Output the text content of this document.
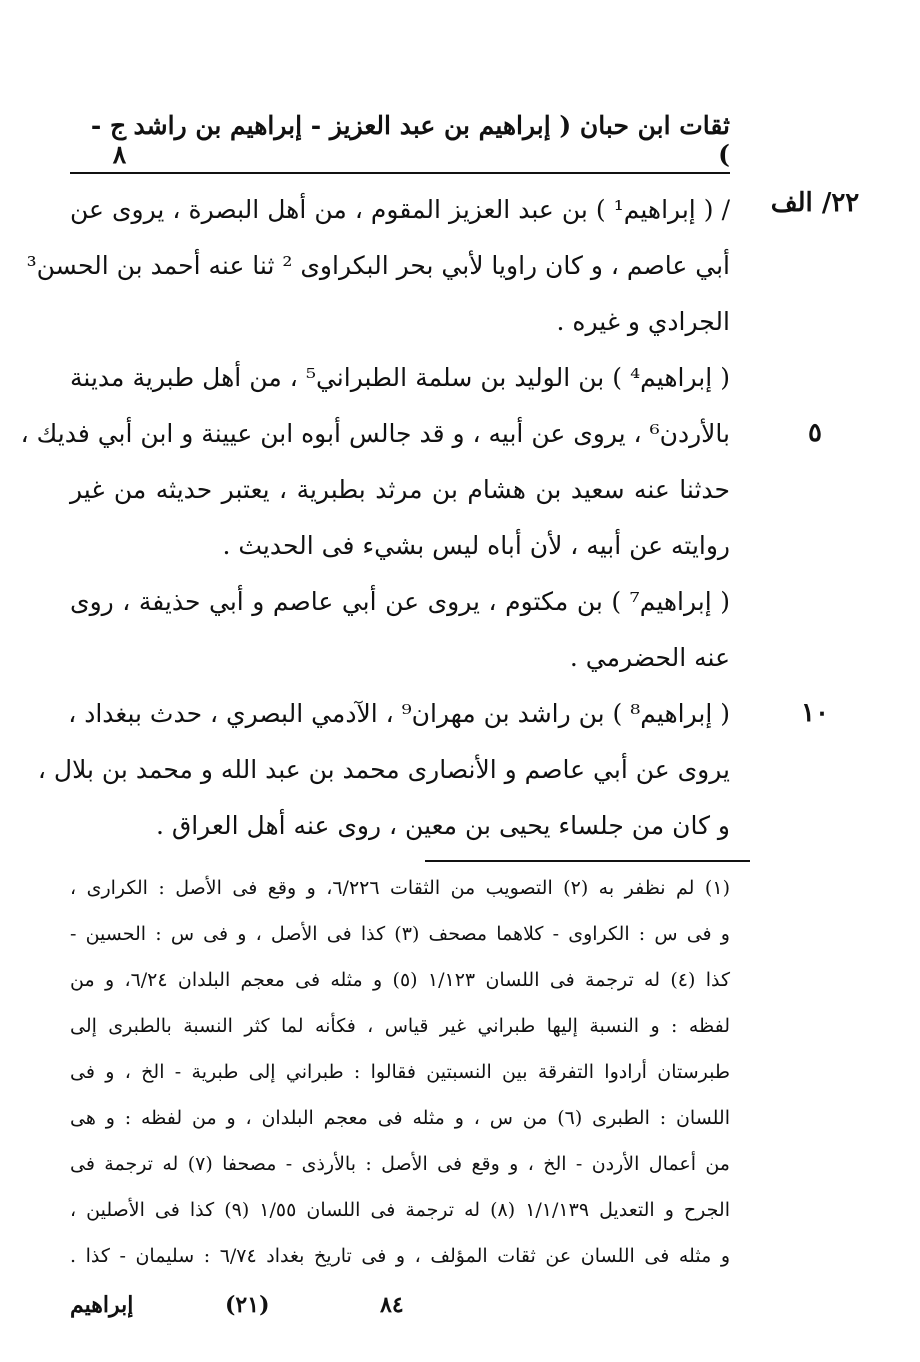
ثقات ابن حبان ( إبراهيم بن عبد العزيز - إبراهيم بن راشد )
ج - ٨
٢٢/ الف
٥
١٠
/ ( إبراهيم¹ ) بن عبد العزيز المقوم ، من أهل البصرة ، يروى عن
أبي عاصم ، و كان راويا لأبي بحر البكراوى ² ثنا عنه أحمد بن الحسن³
الجرادي و غيره .
( إبراهيم⁴ ) بن الوليد بن سلمة الطبراني⁵ ، من أهل طبرية مدينة
بالأردن⁶ ، يروى عن أبيه ، و قد جالس أبوه ابن عيينة و ابن أبي فديك ،
حدثنا عنه سعيد بن هشام بن مرثد بطبرية ، يعتبر حديثه من غير
روايته عن أبيه ، لأن أباه ليس بشيء فى الحديث .
( إبراهيم⁷ ) بن مكتوم ، يروى عن أبي عاصم و أبي حذيفة ، روى
عنه الحضرمي .
( إبراهيم⁸ ) بن راشد بن مهران⁹ ، الآدمي البصري ، حدث ببغداد ،
يروى عن أبي عاصم و الأنصارى محمد بن عبد الله و محمد بن بلال ،
و كان من جلساء يحيى بن معين ، روى عنه أهل العراق .
(١) لم نظفر به (٢) التصويب من الثقات ٦/٢٢٦، و وقع فى الأصل : الكرارى ،
و فى س : الكراوى - كلاهما مصحف (٣) كذا فى الأصل ، و فى س : الحسين -
كذا (٤) له ترجمة فى اللسان ١/١٢٣ (٥) و مثله فى معجم البلدان ٦/٢٤، و من
لفظه : و النسبة إليها طبراني غير قياس ، فكأنه لما كثر النسبة بالطبرى إلى
طبرستان أرادوا التفرقة بين النسبتين فقالوا : طبراني إلى طبرية - الخ ، و فى
اللسان : الطبرى (٦) من س ، و مثله فى معجم البلدان ، و من لفظه : و هى
من أعمال الأردن - الخ ، و وقع فى الأصل : بالأرذى - مصحفا (٧) له ترجمة فى
الجرح و التعديل ١/١/١٣٩ (٨) له ترجمة فى اللسان ١/٥٥ (٩) كذا فى الأصلين ،
و مثله فى اللسان عن ثقات المؤلف ، و فى تاريخ بغداد ٦/٧٤ : سليمان - كذا .
إبراهيم	(٢١)	٨٤
